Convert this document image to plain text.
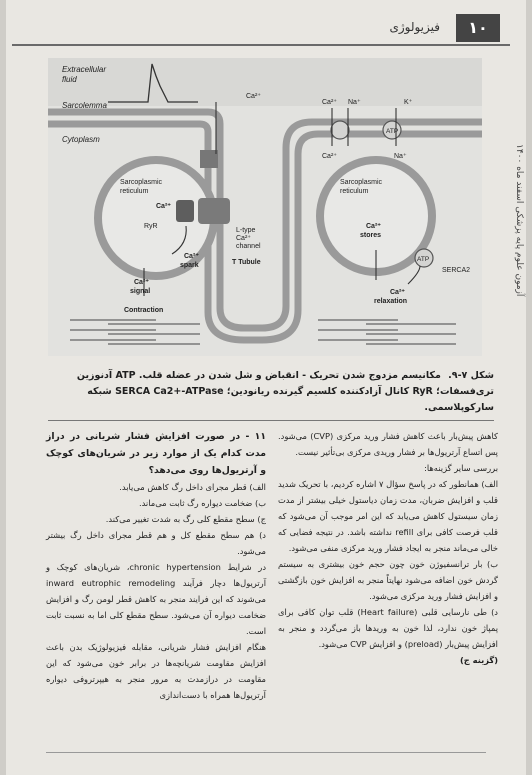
۱۰
فیزیولوژی
آزمون علوم پایه پزشکی اسفند ماه ۱۴۰۰
Extracellular
fluid
Sarcolemma
Cytoplasm
Ca²⁺
Ca²⁺ Na⁺	K⁺
ATP
Ca²⁺	Na⁺
Sarcoplasmic
reticulum
Ca²⁺
RyR
L-type
Ca²⁺
channel
Ca²⁺
spark	T Tubule
Ca²⁺
signal
Contraction
Sarcoplasmic
reticulum
Ca²⁺
stores
ATP
SERCA2
Ca²⁺
relaxation
شکل ۷-۹. مکانیسم مزدوج شدن تحریک - انقباض و شل شدن در عضله قلب. ATP آدنوزین تری‌فسفات؛ RyR کانال آزادکننده کلسیم گیرنده ریانودین؛ SERCA Ca2+-ATPase شبکه سارکوپلاسمی.

کاهش پیش‌بار باعث کاهش فشار ورید مرکزی (CVP) می‌شود. پس اتساع آرتریول‌ها بر فشار وریدی مرکزی بی‌تأثیر نیست.

بررسی سایر گزینه‌ها:

الف) همانطور که در پاسخ سؤال ۷ اشاره کردیم، با تحریک شدید قلب و افزایش ضربان، مدت زمان دیاستول خیلی بیشتر از مدت زمان سیستول کاهش می‌یابد که این امر موجب آن می‌شود که قلب فرصت کافی برای refill نداشته باشد. در نتیجه فضایی که خالی می‌ماند منجر به ایجاد فشار ورید مرکزی منفی می‌شود.

ب) بار ترانسفیوژن خون چون حجم خون بیشتری به سیستم گردش خون اضافه می‌شود نهایتاً منجر به افزایش خون بازگشتی و افزایش فشار ورید مرکزی می‌شود.

د) طی نارسایی قلبی (Heart failure) قلب توان کافی برای پمپاژ خون ندارد، لذا خون به وریدها باز می‌گردد و منجر به افزایش پیش‌بار (preload) و افزایش CVP می‌شود.

(گزینه ج)

۱۱ - در صورت افزایش فشار شریانی در دراز مدت کدام یک از موارد زیر در شریان‌های کوچک و آرتریول‌ها روی می‌دهد؟

الف) قطر مجرای داخل رگ کاهش می‌یابد.

ب) ضخامت دیواره رگ ثابت می‌ماند.

ج) سطح مقطع کلی رگ به شدت تغییر می‌کند.

د) هم سطح مقطع کل و هم قطر مجرای داخل رگ بیشتر می‌شود.

در شرایط chronic hypertension، شریان‌های کوچک و آرتریول‌ها دچار فرآیند inward eutrophic remodeling می‌شوند که این فرایند منجر به کاهش قطر لومن رگ و افزایش ضخامت دیواره آن می‌شود. سطح مقطع کلی اما به نسبت ثابت است.

هنگام افزایش فشار شریانی، مقابله فیزیولوژیک بدن باعث افزایش مقاومت شریانچه‌ها در برابر خون می‌شود که این مقاومت در درازمدت به مرور منجر به هیپرتروفی دیواره آرتریول‌ها همراه با دست‌اندازی
